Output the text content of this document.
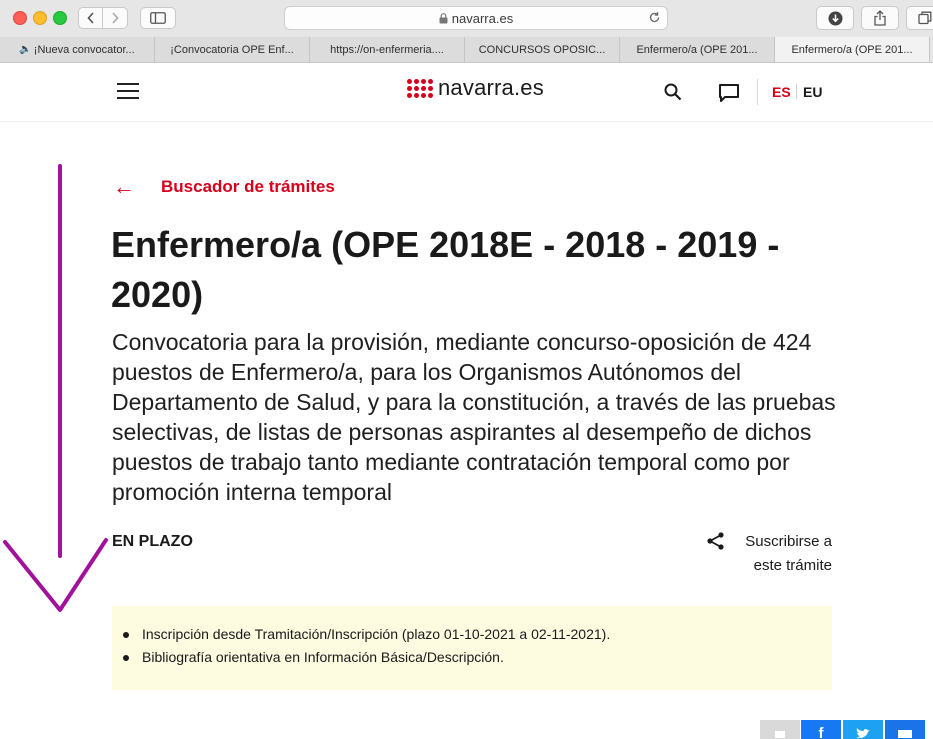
navarra.es
🔈 ¡Nueva convocator...	¡Convocatoria OPE Enf...	https://on-enfermeria....	CONCURSOS OPOSIC...	Enfermero/a (OPE 201...	Enfermero/a (OPE 201...
navarra.es	ES EU
← Buscador de trámites
Enfermero/a (OPE 2018E - 2018 - 2019 - 2020)

Convocatoria para la provisión, mediante concurso-oposición de 424 puestos de Enfermero/a, para los Organismos Autónomos del Departamento de Salud, y para la constitución, a través de las pruebas selectivas, de listas de personas aspirantes al desempeño de dichos puestos de trabajo tanto mediante contratación temporal como por promoción interna temporal

EN PLAZO	Suscribirse a este trámite
Inscripción desde Tramitación/Inscripción (plazo 01-10-2021 a 02-11-2021).
Bibliografía orientativa en Información Básica/Descripción.
f
